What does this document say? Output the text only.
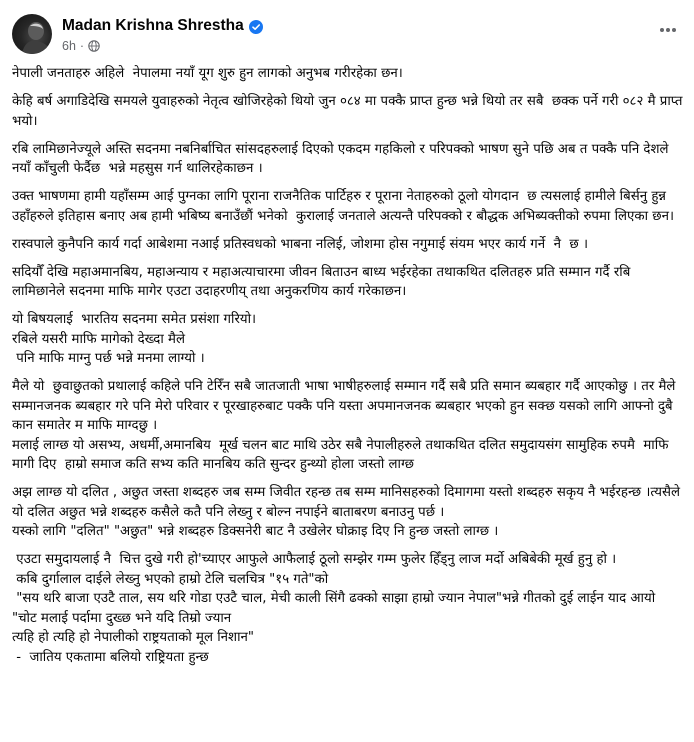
Madan Krishna Shrestha
6h ·

नेपाली जनताहरु अहिले  नेपालमा नयाँ यूग शुरु हुन लागको अनुभब गरीरहेका छन।

केहि बर्ष अगाडिदेखि समयले युवाहरुको नेतृत्व खोजिरहेको थियो जुन ०८४ मा पक्कै प्राप्त हुन्छ भन्ने थियो तर सबै  छक्क पर्ने गरी ०८२ मै प्राप्त भयो।

रबि लामिछानेज्यूले अस्ति सदनमा नबनिर्बाचित सांसदहरुलाई दिएको एकदम गहकिलो र परिपक्को भाषण सुने पछि अब त पक्कै पनि देशले नयाँ काँचुली फेर्दैछ  भन्ने महसुस गर्न थालिरहेकाछन ।

उक्त भाषणमा हामी यहाँसम्म आई पुग्नका लागि पूराना राजनैतिक पार्टिहरु र पूराना नेताहरुको ठूलो योगदान  छ त्यसलाई हामीले बिर्सनु हुन्न उहाँहरुले इतिहास बनाए अब हामी भबिष्य बनाउँछौं भनेको  कुरालाई जनताले अत्यन्तै परिपक्को र बौद्धक अभिब्यक्तीको रुपमा लिएका छन।

रास्वपाले कुनैपनि कार्य गर्दा आबेशमा नआई प्रतिस्वधको भाबना नलिई, जोशमा होस नगुमाई संयम भएर कार्य गर्ने  नै  छ ।

सदियौँ देखि महाअमानबिय, महाअन्याय र महाअत्याचारमा जीवन बिताउन बाध्य भईरहेका तथाकथित दलितहरु प्रति सम्मान गर्दै रबि लामिछानेले सदनमा माफि मागेर एउटा उदाहरणीय् तथा अनुकरणिय कार्य गरेकाछन।

यो बिषयलाई  भारतिय सदनमा समेत प्रसंशा गरियो।
रबिले यसरी माफि मागेको देख्दा मैले
पनि माफि माग्नु पर्छ भन्ने मनमा लाग्यो ।

मैले यो  छुवाछुतको प्रथालाई कहिले पनि टेरिँन सबै जातजाती भाषा भाषीहरुलाई सम्मान गर्दै सबै प्रति समान ब्यबहार गर्दै आएकोछु । तर मैले  सम्मानजनक ब्यबहार गरे पनि मेरो परिवार र पूरखाहरुबाट पक्कै पनि यस्ता अपमानजनक ब्यबहार भएको हुन सक्छ यसको लागि आफ्नो दुबै कान समातेर म माफि माग्दछु ।
मलाई लाग्छ यो असभ्य, अधर्मी,अमानबिय  मूर्ख चलन बाट माथि उठेर सबै नेपालीहरुले तथाकथित दलित समुदायसंग सामुहिक रुपमै  माफि मागी दिए  हाम्रो समाज कति सभ्य कति मानबिय कति सुन्दर हुन्थ्यो होला जस्तो लाग्छ

अझ लाग्छ यो दलित , अछुत जस्ता शब्दहरु जब सम्म जिवीत रहन्छ तब सम्म मानिसहरुको दिमागमा यस्तो शब्दहरु सकृय नै भईरहन्छ ।त्यसैले यो दलित अछुत भन्ने शब्दहरु कसैले कतै पनि लेख्नु र बोल्न नपाईने बाताबरण बनाउनु पर्छ ।
यस्को लागि "दलित" "अछुत" भन्ने शब्दहरु डिक्सनेरी बाट नै उखेलेर घोक्राइ दिए नि हुन्छ जस्तो लाग्छ ।

एउटा समुदायलाई नै  चित्त दुखे गरी हो'च्याएर आफुले आफैलाई ठूलो सम्झेर गम्म फुलेर हिँड्नु लाज मर्दो अबिबेकी मूर्ख हुनु हो ।
कबि दुर्गालाल दाईले लेख्नु भएको हाम्रो टेलि चलचित्र "१५ गते"को
"सय थरि बाजा एउटै ताल, सय थरि गोडा एउटै चाल, मेची काली सिंगै ढक्को साझा हाम्रो ज्यान नेपाल"भन्ने गीतको दुई लाईन याद आयो
"चोट मलाई पर्दामा दुख्छ भने यदि तिम्रो ज्यान
त्यहि हो त्यहि हो नेपालीको राष्ट्रयताको मूल निशान"
-  जातिय एकतामा बलियो राष्ट्रियता हुन्छ
